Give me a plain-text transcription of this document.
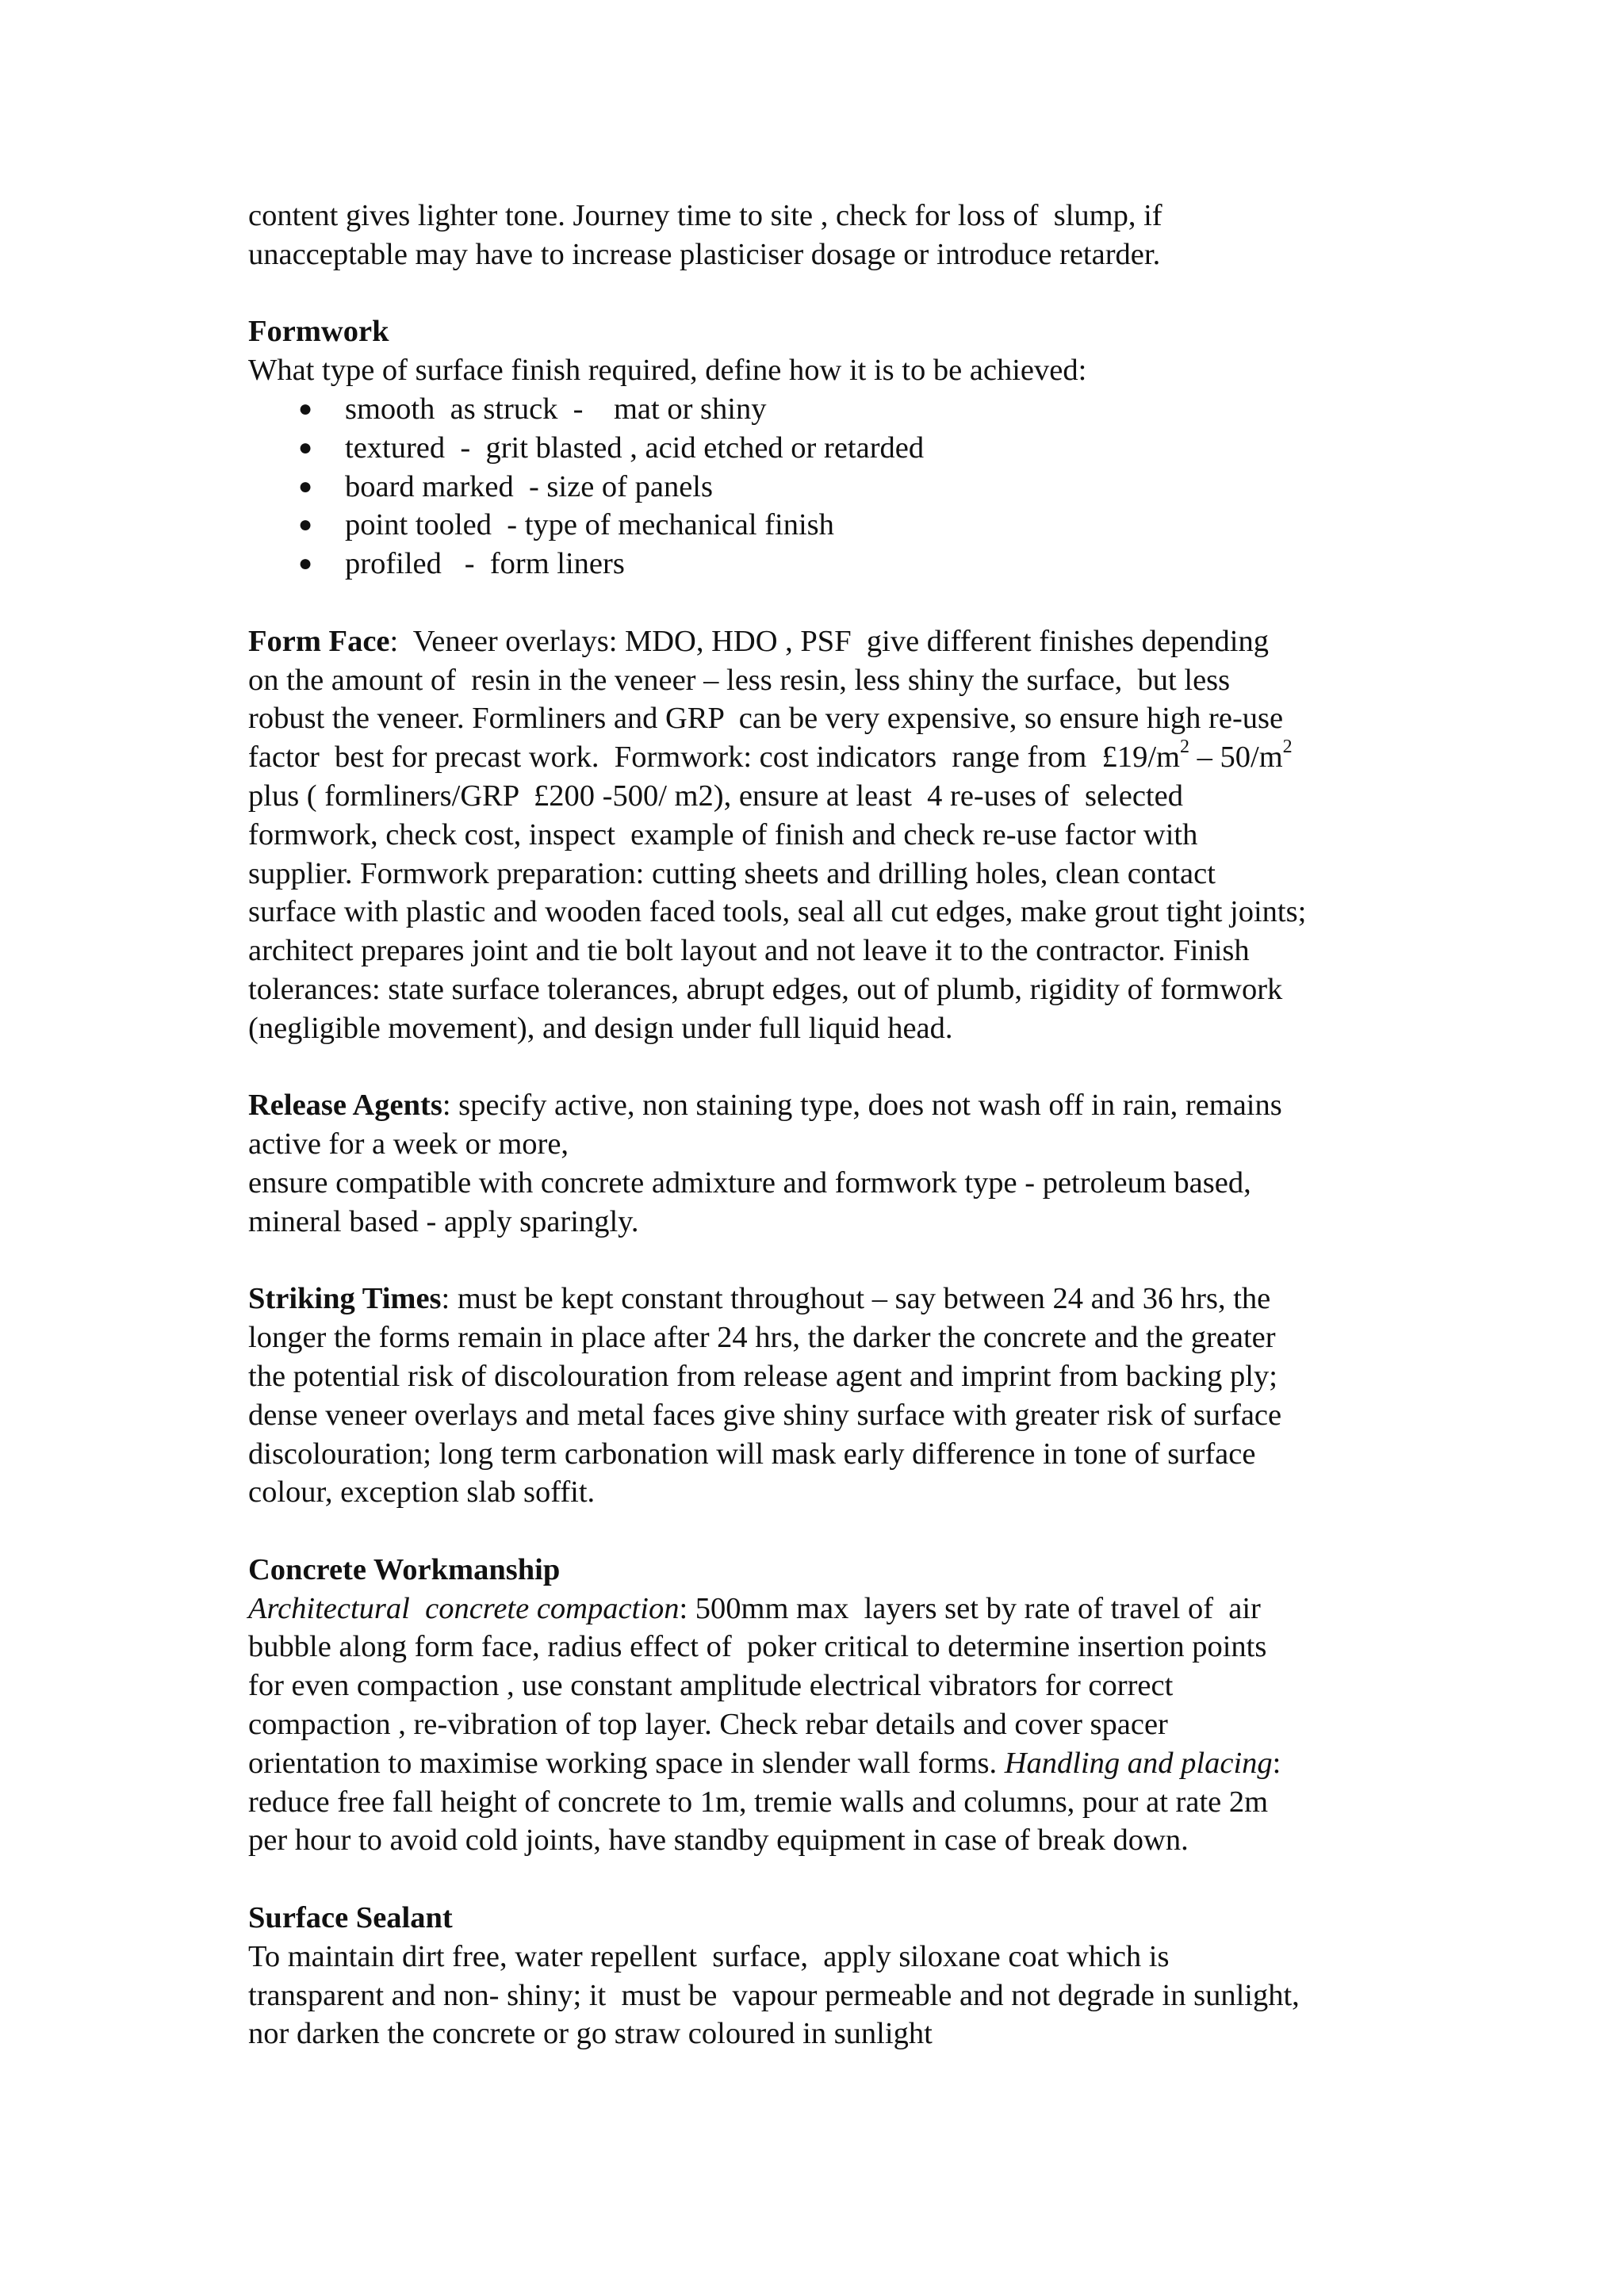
content gives lighter tone. Journey time to site , check for loss of  slump, if
unacceptable may have to increase plasticiser dosage or introduce retarder.
Formwork
What type of surface finish required, define how it is to be achieved:
● smooth  as struck  -    mat or shiny
● textured  -  grit blasted , acid etched or retarded
● board marked  - size of panels
● point tooled  - type of mechanical finish
● profiled   -  form liners
Form Face:  Veneer overlays: MDO, HDO , PSF  give different finishes depending
on the amount of  resin in the veneer – less resin, less shiny the surface,  but less
robust the veneer. Formliners and GRP  can be very expensive, so ensure high re-use
factor  best for precast work.  Formwork: cost indicators  range from  $£19/m^2 - 50/m^2$
plus ( formliners/GRP  £200 -500/ m2), ensure at least  4 re-uses of  selected
formwork, check cost, inspect  example of finish and check re-use factor with
supplier. Formwork preparation: cutting sheets and drilling holes, clean contact
surface with plastic and wooden faced tools, seal all cut edges, make grout tight joints;
architect prepares joint and tie bolt layout and not leave it to the contractor. Finish
tolerances: state surface tolerances, abrupt edges, out of plumb, rigidity of formwork
(negligible movement), and design under full liquid head.
Release Agents: specify active, non staining type, does not wash off in rain, remains
active for a week or more,
ensure compatible with concrete admixture and formwork type - petroleum based,
mineral based - apply sparingly.
Striking Times: must be kept constant throughout – say between 24 and 36 hrs, the
longer the forms remain in place after 24 hrs, the darker the concrete and the greater
the potential risk of discolouration from release agent and imprint from backing ply;
dense veneer overlays and metal faces give shiny surface with greater risk of surface
discolouration; long term carbonation will mask early difference in tone of surface
colour, exception slab soffit.
Concrete Workmanship
Architectural  concrete compaction: 500mm max  layers set by rate of travel of  air
bubble along form face, radius effect of  poker critical to determine insertion points
for even compaction , use constant amplitude electrical vibrators for correct
compaction , re-vibration of top layer. Check rebar details and cover spacer
orientation to maximise working space in slender wall forms. Handling and placing:
reduce free fall height of concrete to 1m, tremie walls and columns, pour at rate 2m
per hour to avoid cold joints, have standby equipment in case of break down.
Surface Sealant
To maintain dirt free, water repellent  surface,  apply siloxane coat which is
transparent and non- shiny; it  must be  vapour permeable and not degrade in sunlight,
nor darken the concrete or go straw coloured in sunlight
